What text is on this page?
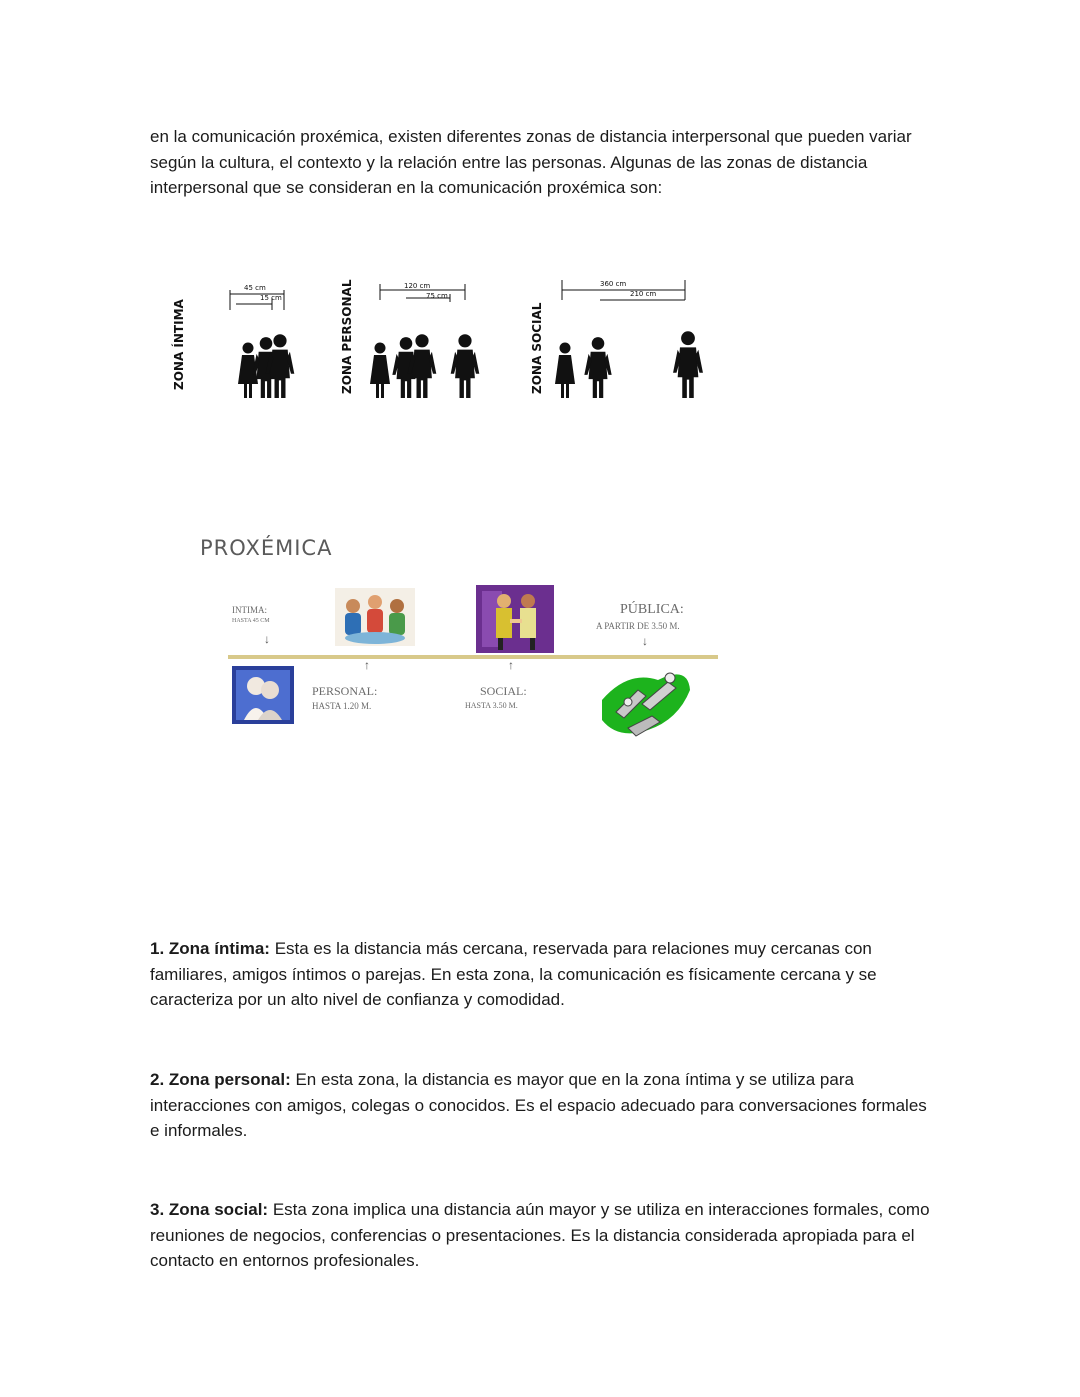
en la comunicación proxémica, existen diferentes zonas de distancia interpersonal que pueden variar según la cultura, el contexto y la relación entre las personas. Algunas de las zonas de distancia interpersonal que se consideran en la comunicación proxémica son:

ZONA ÍNTIMA	ZONA PERSONAL	ZONA SOCIAL
45 cm
15 cm
120 cm
75 cm
360 cm
210 cm
PROXÉMICA
INTIMA:
HASTA 45 CM
↓
PÚBLICA:
A PARTIR DE 3.50 M.
↓
↑
PERSONAL:
HASTA 1.20 M.
↑
SOCIAL:
HASTA 3.50 M.

1. Zona íntima: Esta es la distancia más cercana, reservada para relaciones muy cercanas con familiares, amigos íntimos o parejas. En esta zona, la comunicación es físicamente cercana y se caracteriza por un alto nivel de confianza y comodidad.

2. Zona personal: En esta zona, la distancia es mayor que en la zona íntima y se utiliza para interacciones con amigos, colegas o conocidos. Es el espacio adecuado para conversaciones formales e informales.

3. Zona social: Esta zona implica una distancia aún mayor y se utiliza en interacciones formales, como reuniones de negocios, conferencias o presentaciones. Es la distancia considerada apropiada para el contacto en entornos profesionales.
